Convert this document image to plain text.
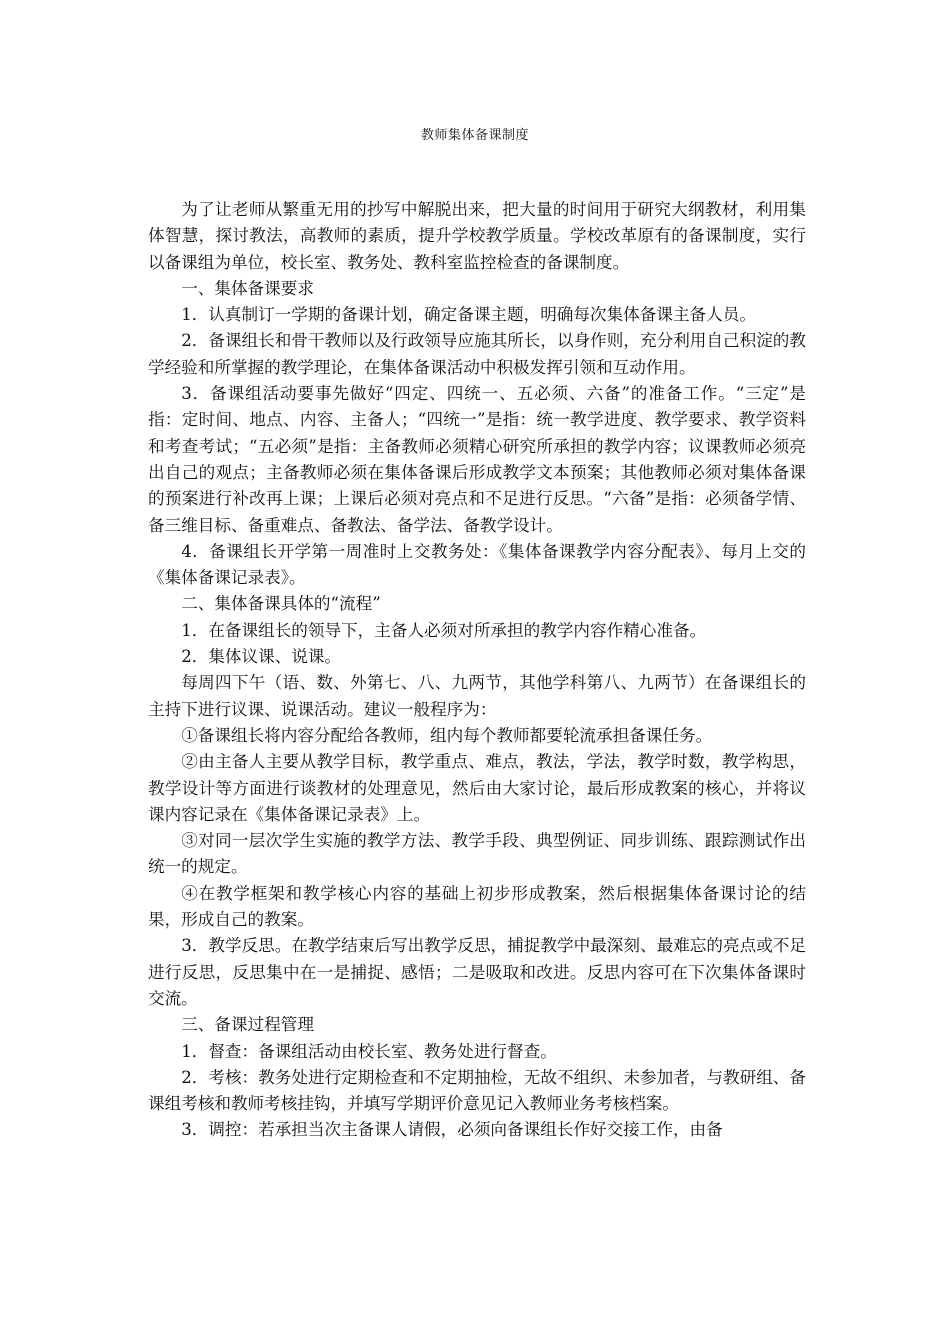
教师集体备课制度

为了让老师从繁重无用的抄写中解脱出来，把大量的时间用于研究大纲教材，利用集体智慧，探讨教法，高教师的素质，提升学校教学质量。学校改革原有的备课制度，实行以备课组为单位，校长室、教务处、教科室监控检查的备课制度。

一、集体备课要求

1．认真制订一学期的备课计划，确定备课主题，明确每次集体备课主备人员。

2．备课组长和骨干教师以及行政领导应施其所长，以身作则，充分利用自己积淀的教学经验和所掌握的教学理论，在集体备课活动中积极发挥引领和互动作用。

3．备课组活动要事先做好“四定、四统一、五必须、六备”的准备工作。“三定”是指：定时间、地点、内容、主备人；“四统一”是指：统一教学进度、教学要求、教学资料和考查考试；“五必须”是指：主备教师必须精心研究所承担的教学内容；议课教师必须亮出自己的观点；主备教师必须在集体备课后形成教学文本预案；其他教师必须对集体备课的预案进行补改再上课；上课后必须对亮点和不足进行反思。“六备”是指：必须备学情、备三维目标、备重难点、备教法、备学法、备教学设计。

4．备课组长开学第一周准时上交教务处：《集体备课教学内容分配表》、每月上交的《集体备课记录表》。

二、集体备课具体的“流程”

1．在备课组长的领导下，主备人必须对所承担的教学内容作精心准备。

2．集体议课、说课。

每周四下午（语、数、外第七、八、九两节，其他学科第八、九两节）在备课组长的主持下进行议课、说课活动。建议一般程序为：

①备课组长将内容分配给各教师，组内每个教师都要轮流承担备课任务。

②由主备人主要从教学目标，教学重点、难点，教法，学法，教学时数，教学构思，教学设计等方面进行谈教材的处理意见，然后由大家讨论，最后形成教案的核心，并将议课内容记录在《集体备课记录表》上。

③对同一层次学生实施的教学方法、教学手段、典型例证、同步训练、跟踪测试作出统一的规定。

④在教学框架和教学核心内容的基础上初步形成教案，然后根据集体备课讨论的结果，形成自己的教案。

3．教学反思。在教学结束后写出教学反思，捕捉教学中最深刻、最难忘的亮点或不足进行反思，反思集中在一是捕捉、感悟；二是吸取和改进。反思内容可在下次集体备课时交流。

三、备课过程管理

1．督查：备课组活动由校长室、教务处进行督查。

2．考核：教务处进行定期检查和不定期抽检，无故不组织、未参加者，与教研组、备课组考核和教师考核挂钩，并填写学期评价意见记入教师业务考核档案。

3．调控：若承担当次主备课人请假，必须向备课组长作好交接工作，由备
